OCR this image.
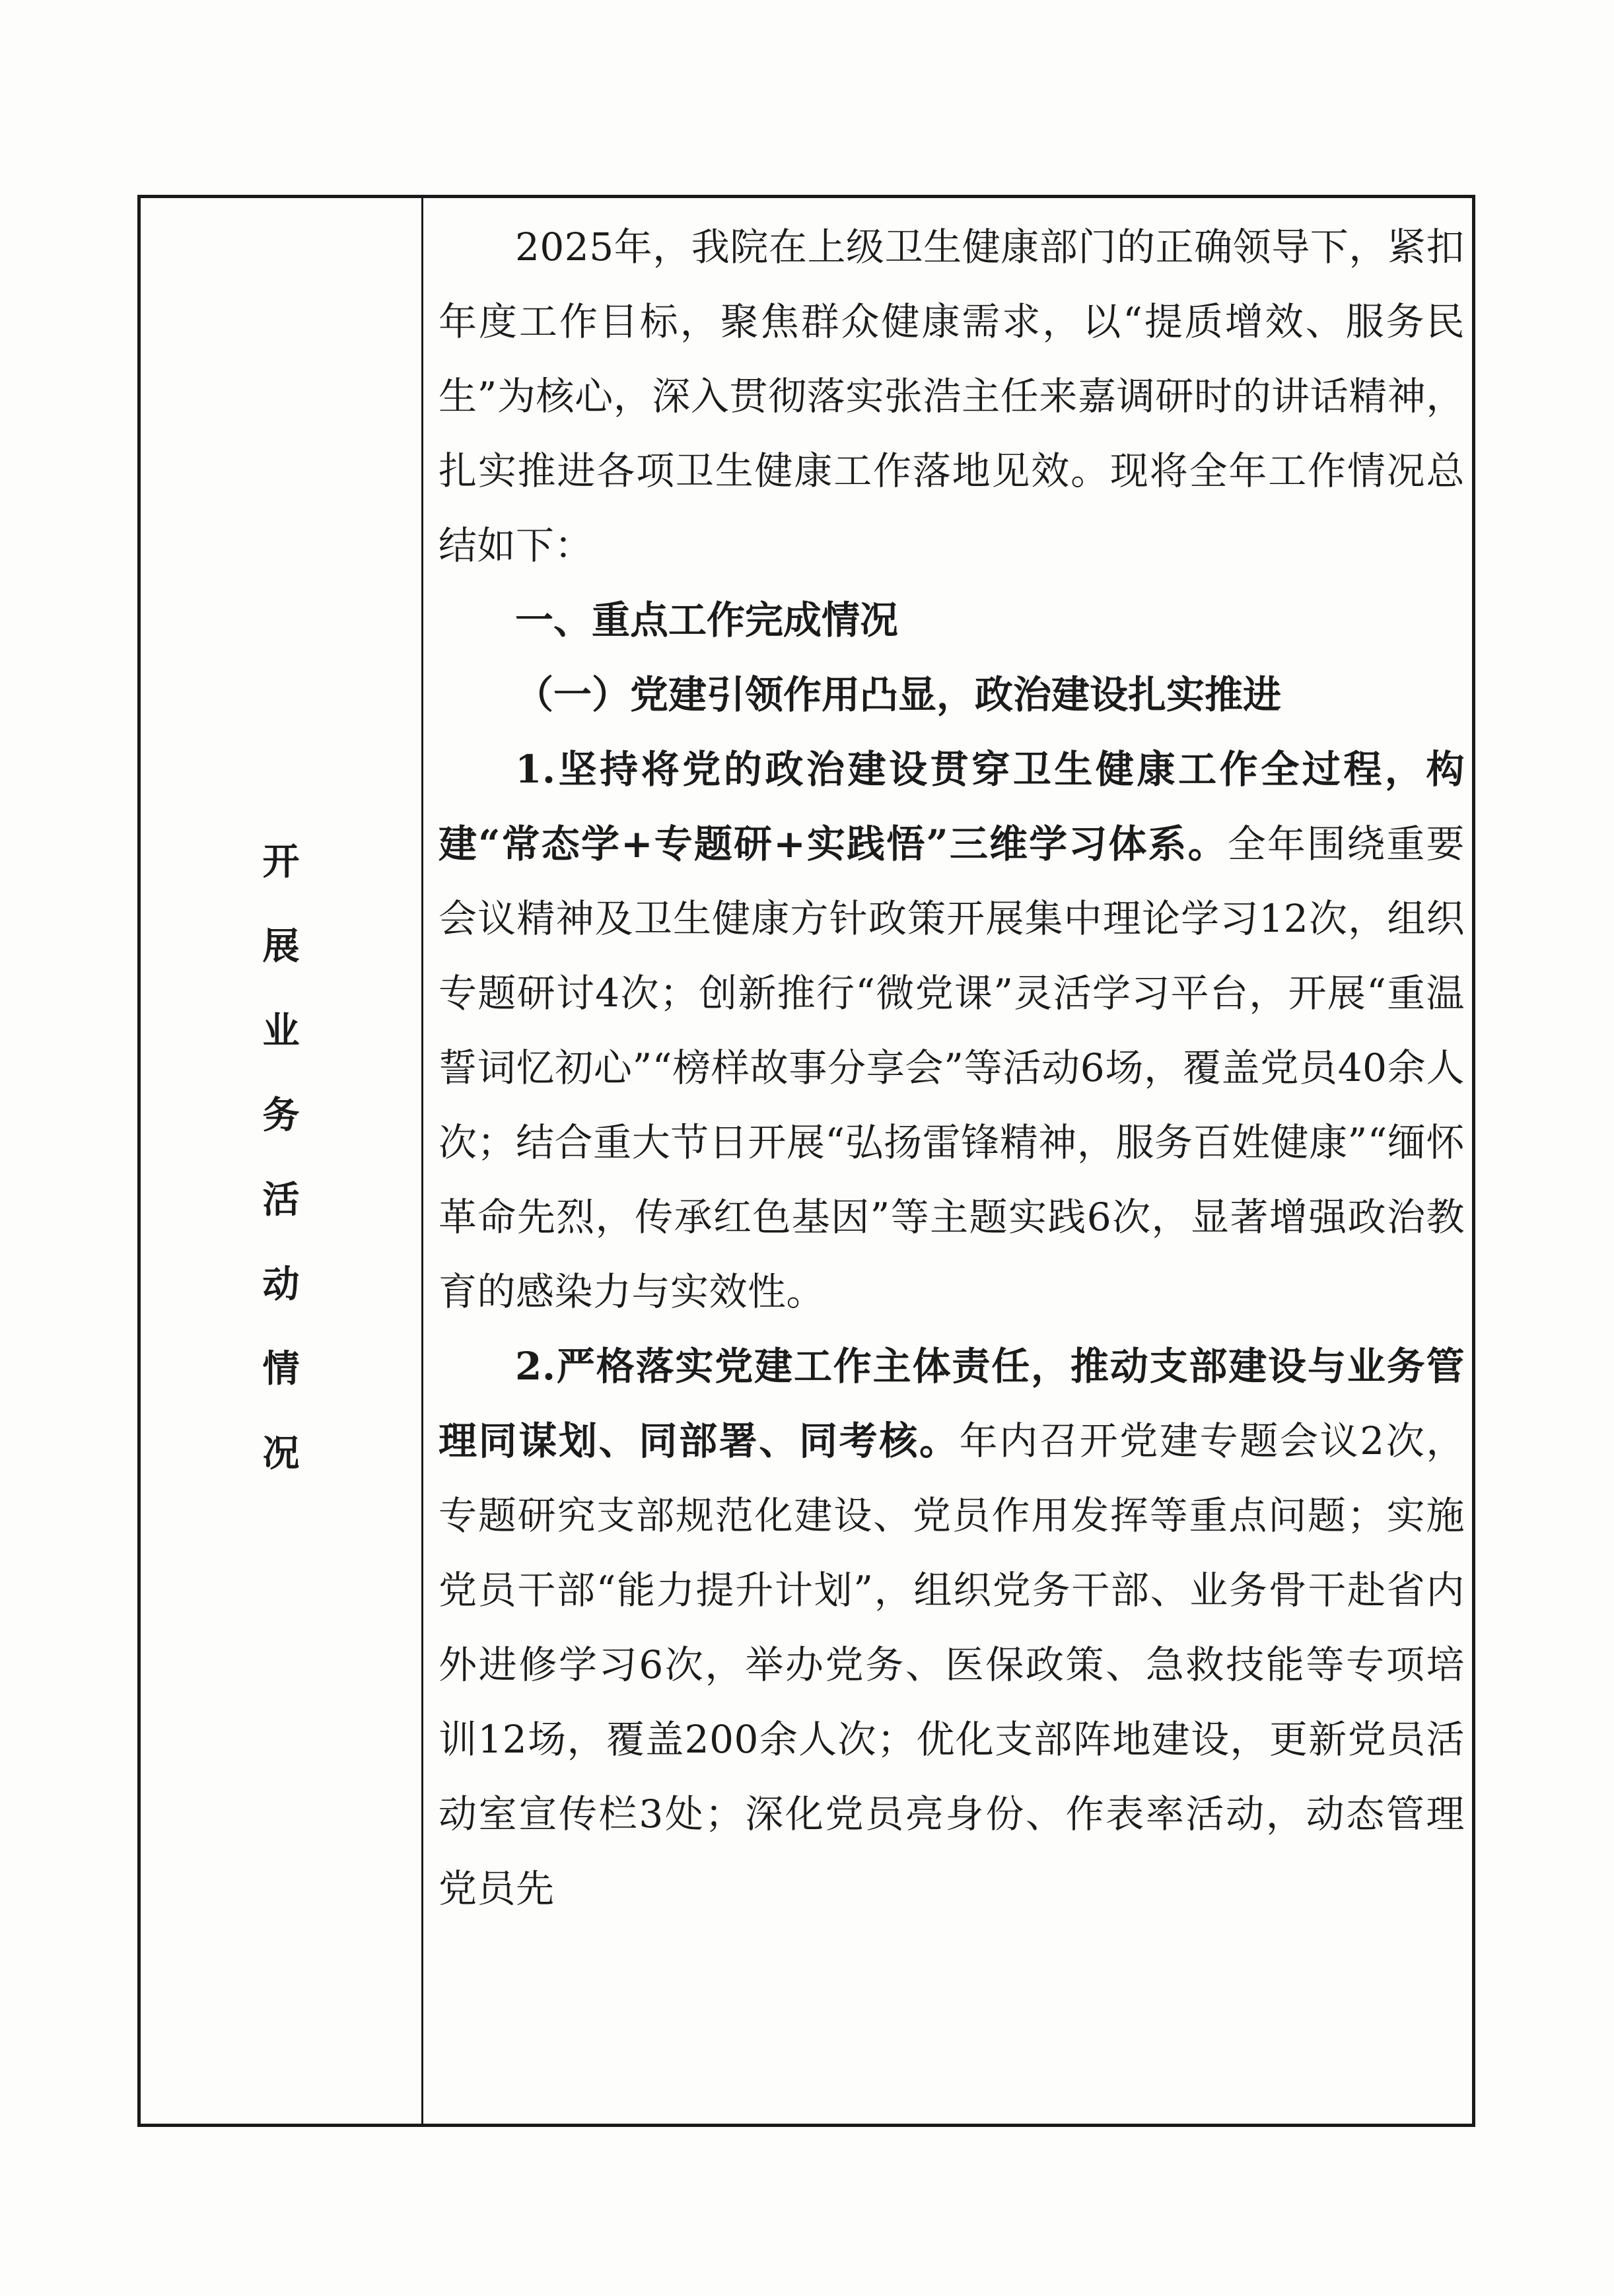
开
展
业
务
活
动
情
况

2025年，我院在上级卫生健康部门的正确领导下，紧扣年度工作目标，聚焦群众健康需求，以“提质增效、服务民生”为核心，深入贯彻落实张浩主任来嘉调研时的讲话精神，扎实推进各项卫生健康工作落地见效。现将全年工作情况总结如下：

一、重点工作完成情况

（一）党建引领作用凸显，政治建设扎实推进

1.坚持将党的政治建设贯穿卫生健康工作全过程，构建“常态学+专题研+实践悟”三维学习体系。全年围绕重要会议精神及卫生健康方针政策开展集中理论学习12次，组织专题研讨4次；创新推行“微党课”灵活学习平台，开展“重温誓词忆初心”“榜样故事分享会”等活动6场，覆盖党员40余人次；结合重大节日开展“弘扬雷锋精神，服务百姓健康”“缅怀革命先烈，传承红色基因”等主题实践6次，显著增强政治教育的感染力与实效性。

2.严格落实党建工作主体责任，推动支部建设与业务管理同谋划、同部署、同考核。年内召开党建专题会议2次，专题研究支部规范化建设、党员作用发挥等重点问题；实施党员干部“能力提升计划”，组织党务干部、业务骨干赴省内外进修学习6次，举办党务、医保政策、急救技能等专项培训12场，覆盖200余人次；优化支部阵地建设，更新党员活动室宣传栏3处；深化党员亮身份、作表率活动，动态管理党员先
